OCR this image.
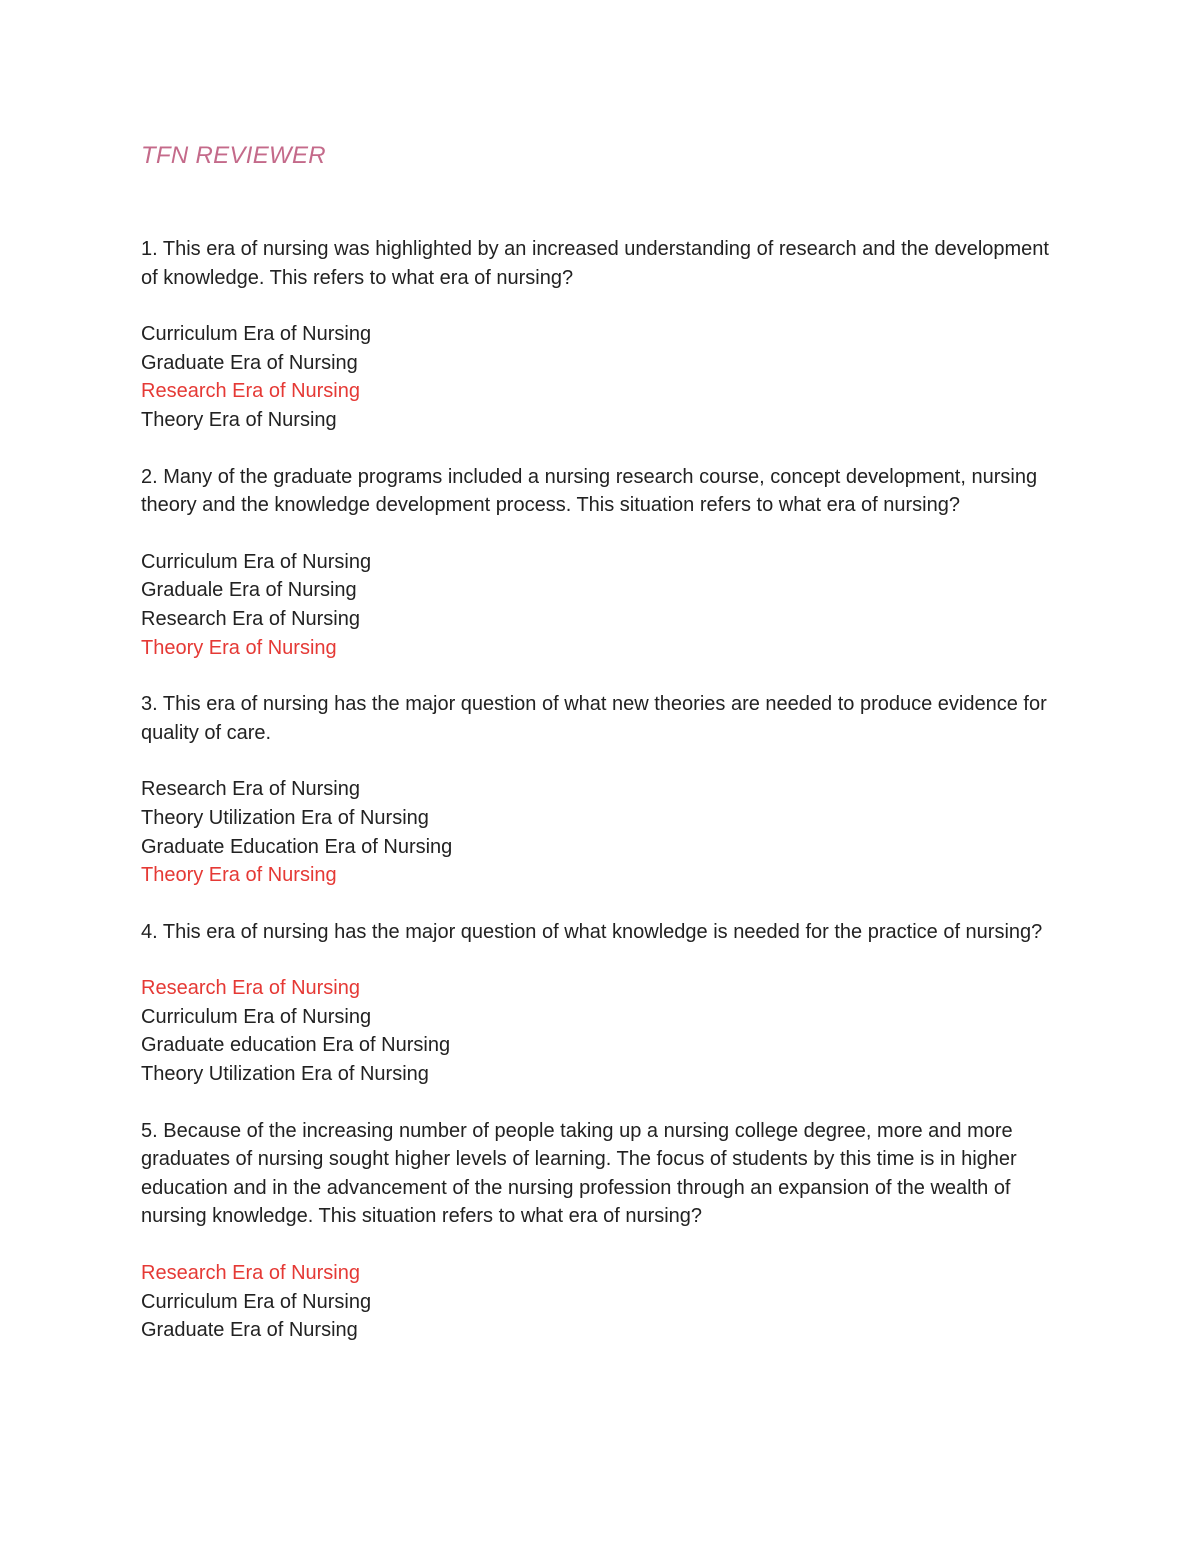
TFN REVIEWER

1. This era of nursing was highlighted by an increased understanding of research and the development of knowledge. This refers to what era of nursing?

Curriculum Era of Nursing
Graduate Era of Nursing
Research Era of Nursing
Theory Era of Nursing

2. Many of the graduate programs included a nursing research course, concept development, nursing theory and the knowledge development process. This situation refers to what era of nursing?

Curriculum Era of Nursing
Graduale Era of Nursing
Research Era of Nursing
Theory Era of Nursing

3. This era of nursing has the major question of what new theories are needed to produce evidence for quality of care.

Research Era of Nursing
Theory Utilization Era of Nursing
Graduate Education Era of Nursing
Theory Era of Nursing

4. This era of nursing has the major question of what knowledge is needed for the practice of nursing?

Research Era of Nursing
Curriculum Era of Nursing
Graduate education Era of Nursing
Theory Utilization Era of Nursing

5. Because of the increasing number of people taking up a nursing college degree, more and more graduates of nursing sought higher levels of learning. The focus of students by this time is in higher education and in the advancement of the nursing profession through an expansion of the wealth of nursing knowledge. This situation refers to what era of nursing?

Research Era of Nursing
Curriculum Era of Nursing
Graduate Era of Nursing
